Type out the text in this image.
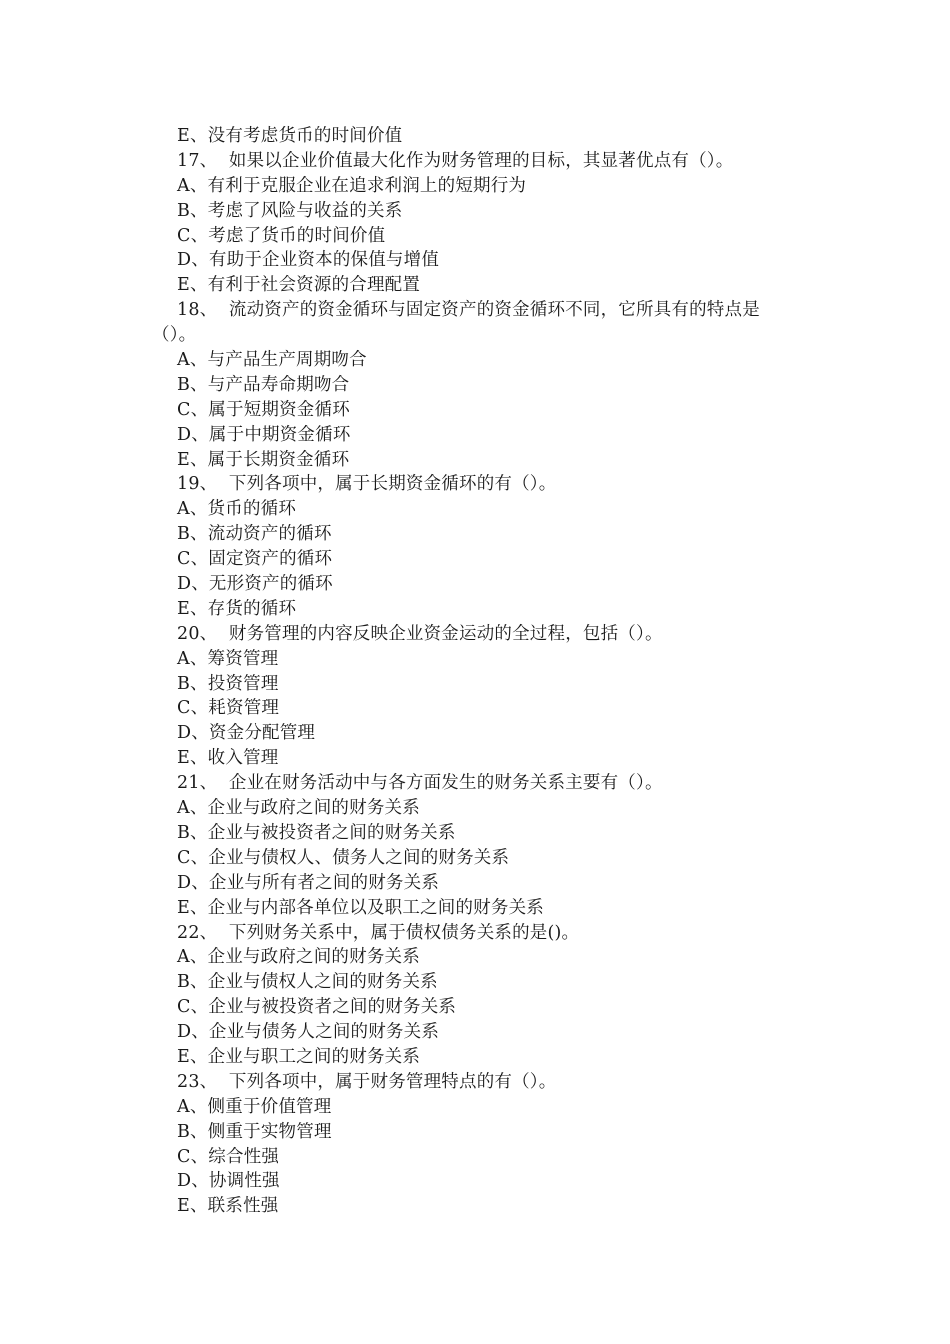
E、没有考虑货币的时间价值
17、  如果以企业价值最大化作为财务管理的目标，其显著优点有（）。
A、有利于克服企业在追求利润上的短期行为
B、考虑了风险与收益的关系
C、考虑了货币的时间价值
D、有助于企业资本的保值与增值
E、有利于社会资源的合理配置
18、  流动资产的资金循环与固定资产的资金循环不同，它所具有的特点是
（）。
A、与产品生产周期吻合
B、与产品寿命期吻合
C、属于短期资金循环
D、属于中期资金循环
E、属于长期资金循环
19、  下列各项中，属于长期资金循环的有（）。
A、货币的循环
B、流动资产的循环
C、固定资产的循环
D、无形资产的循环
E、存货的循环
20、  财务管理的内容反映企业资金运动的全过程，包括（）。
A、筹资管理
B、投资管理
C、耗资管理
D、资金分配管理
E、收入管理
21、  企业在财务活动中与各方面发生的财务关系主要有（）。
A、企业与政府之间的财务关系
B、企业与被投资者之间的财务关系
C、企业与债权人、债务人之间的财务关系
D、企业与所有者之间的财务关系
E、企业与内部各单位以及职工之间的财务关系
22、  下列财务关系中，属于债权债务关系的是()。
A、企业与政府之间的财务关系
B、企业与债权人之间的财务关系
C、企业与被投资者之间的财务关系
D、企业与债务人之间的财务关系
E、企业与职工之间的财务关系
23、  下列各项中，属于财务管理特点的有（）。
A、侧重于价值管理
B、侧重于实物管理
C、综合性强
D、协调性强
E、联系性强
